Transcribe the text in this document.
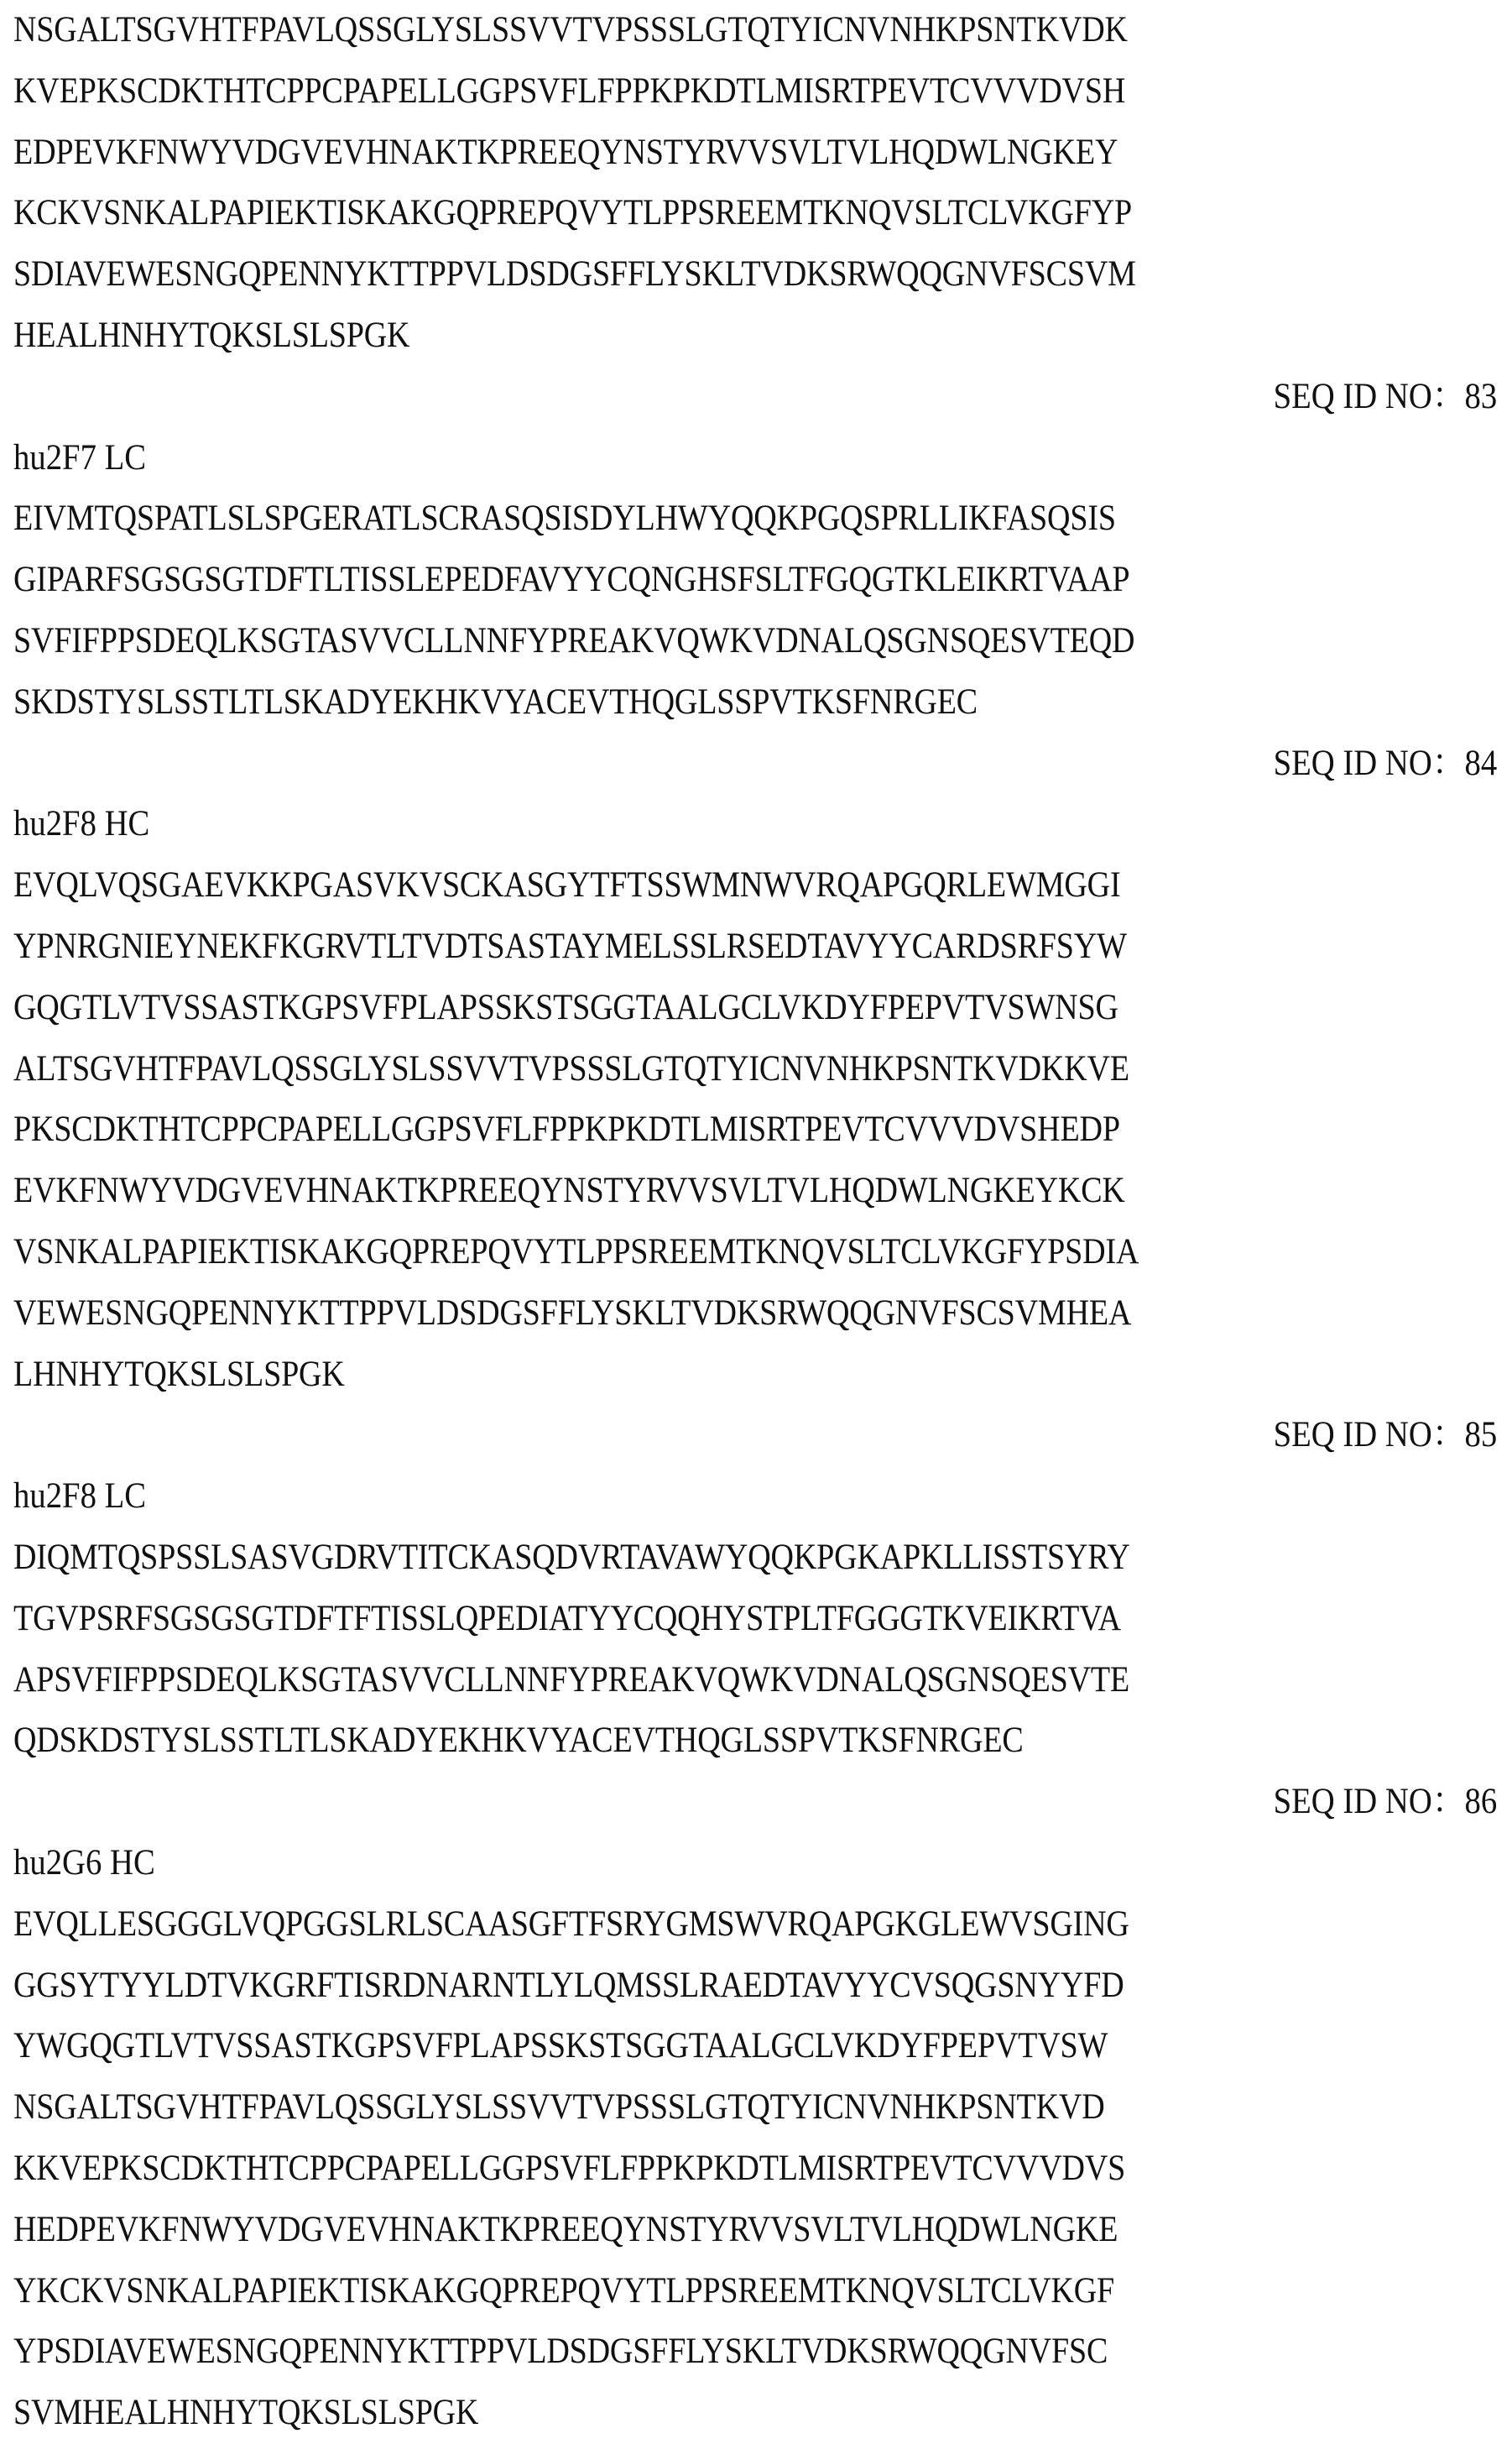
NSGALTSGVHTFPAVLQSSGLYSLSSVVTVPSSSLGTQTYICNVNHKPSNTKVDK
KVEPKSCDKTHTCPPCPAPELLGGPSVFLFPPKPKDTLMISRTPEVTCVVVDVSH
EDPEVKFNWYVDGVEVHNAKTKPREEQYNSTYRVVSVLTVLHQDWLNGKEY
KCKVSNKALPAPIEKTISKAKGQPREPQVYTLPPSREEMTKNQVSLTCLVKGFYP
SDIAVEWESNGQPENNYKTTPPVLDSDGSFFLYSKLTVDKSRWQQGNVFSCSVM
HEALHNHYTQKSLSLSPGK
SEQ ID NO：83
hu2F7 LC
EIVMTQSPATLSLSPGERATLSCRASQSISDYLHWYQQKPGQSPRLLIKFASQSIS
GIPARFSGSGSGTDFTLTISSLEPEDFAVYYCQNGHSFSLTFGQGTKLEIKRTVAAP
SVFIFPPSDEQLKSGTASVVCLLNNFYPREAKVQWKVDNALQSGNSQESVTEQD
SKDSTYSLSSTLTLSKADYEKHKVYACEVTHQGLSSPVTKSFNRGEC
SEQ ID NO：84
hu2F8 HC
EVQLVQSGAEVKKPGASVKVSCKASGYTFTSSWMNWVRQAPGQRLEWMGGI
YPNRGNIEYNEKFKGRVTLTVDTSASTAYMELSSLRSEDTAVYYCARDSRFSYW
GQGTLVTVSSASTKGPSVFPLAPSSKSTSGGTAALGCLVKDYFPEPVTVSWNSG
ALTSGVHTFPAVLQSSGLYSLSSVVTVPSSSLGTQTYICNVNHKPSNTKVDKKVE
PKSCDKTHTCPPCPAPELLGGPSVFLFPPKPKDTLMISRTPEVTCVVVDVSHEDP
EVKFNWYVDGVEVHNAKTKPREEQYNSTYRVVSVLTVLHQDWLNGKEYKCK
VSNKALPAPIEKTISKAKGQPREPQVYTLPPSREEMTKNQVSLTCLVKGFYPSDIA
VEWESNGQPENNYKTTPPVLDSDGSFFLYSKLTVDKSRWQQGNVFSCSVMHEA
LHNHYTQKSLSLSPGK
SEQ ID NO：85
hu2F8 LC
DIQMTQSPSSLSASVGDRVTITCKASQDVRTAVAWYQQKPGKAPKLLISSTSYRY
TGVPSRFSGSGSGTDFTFTISSLQPEDIATYYCQQHYSTPLTFGGGTKVEIKRTVA
APSVFIFPPSDEQLKSGTASVVCLLNNFYPREAKVQWKVDNALQSGNSQESVTE
QDSKDSTYSLSSTLTLSKADYEKHKVYACEVTHQGLSSPVTKSFNRGEC
SEQ ID NO：86
hu2G6 HC
EVQLLESGGGLVQPGGSLRLSCAASGFTFSRYGMSWVRQAPGKGLEWVSGING
GGSYTYYLDTVKGRFTISRDNARNTLYLQMSSLRAEDTAVYYCVSQGSNYYFD
YWGQGTLVTVSSASTKGPSVFPLAPSSKSTSGGTAALGCLVKDYFPEPVTVSW
NSGALTSGVHTFPAVLQSSGLYSLSSVVTVPSSSLGTQTYICNVNHKPSNTKVD
KKVEPKSCDKTHTCPPCPAPELLGGPSVFLFPPKPKDTLMISRTPEVTCVVVDVS
HEDPEVKFNWYVDGVEVHNAKTKPREEQYNSTYRVVSVLTVLHQDWLNGKE
YKCKVSNKALPAPIEKTISKAKGQPREPQVYTLPPSREEMTKNQVSLTCLVKGF
YPSDIAVEWESNGQPENNYKTTPPVLDSDGSFFLYSKLTVDKSRWQQGNVFSC
SVMHEALHNHYTQKSLSLSPGK
